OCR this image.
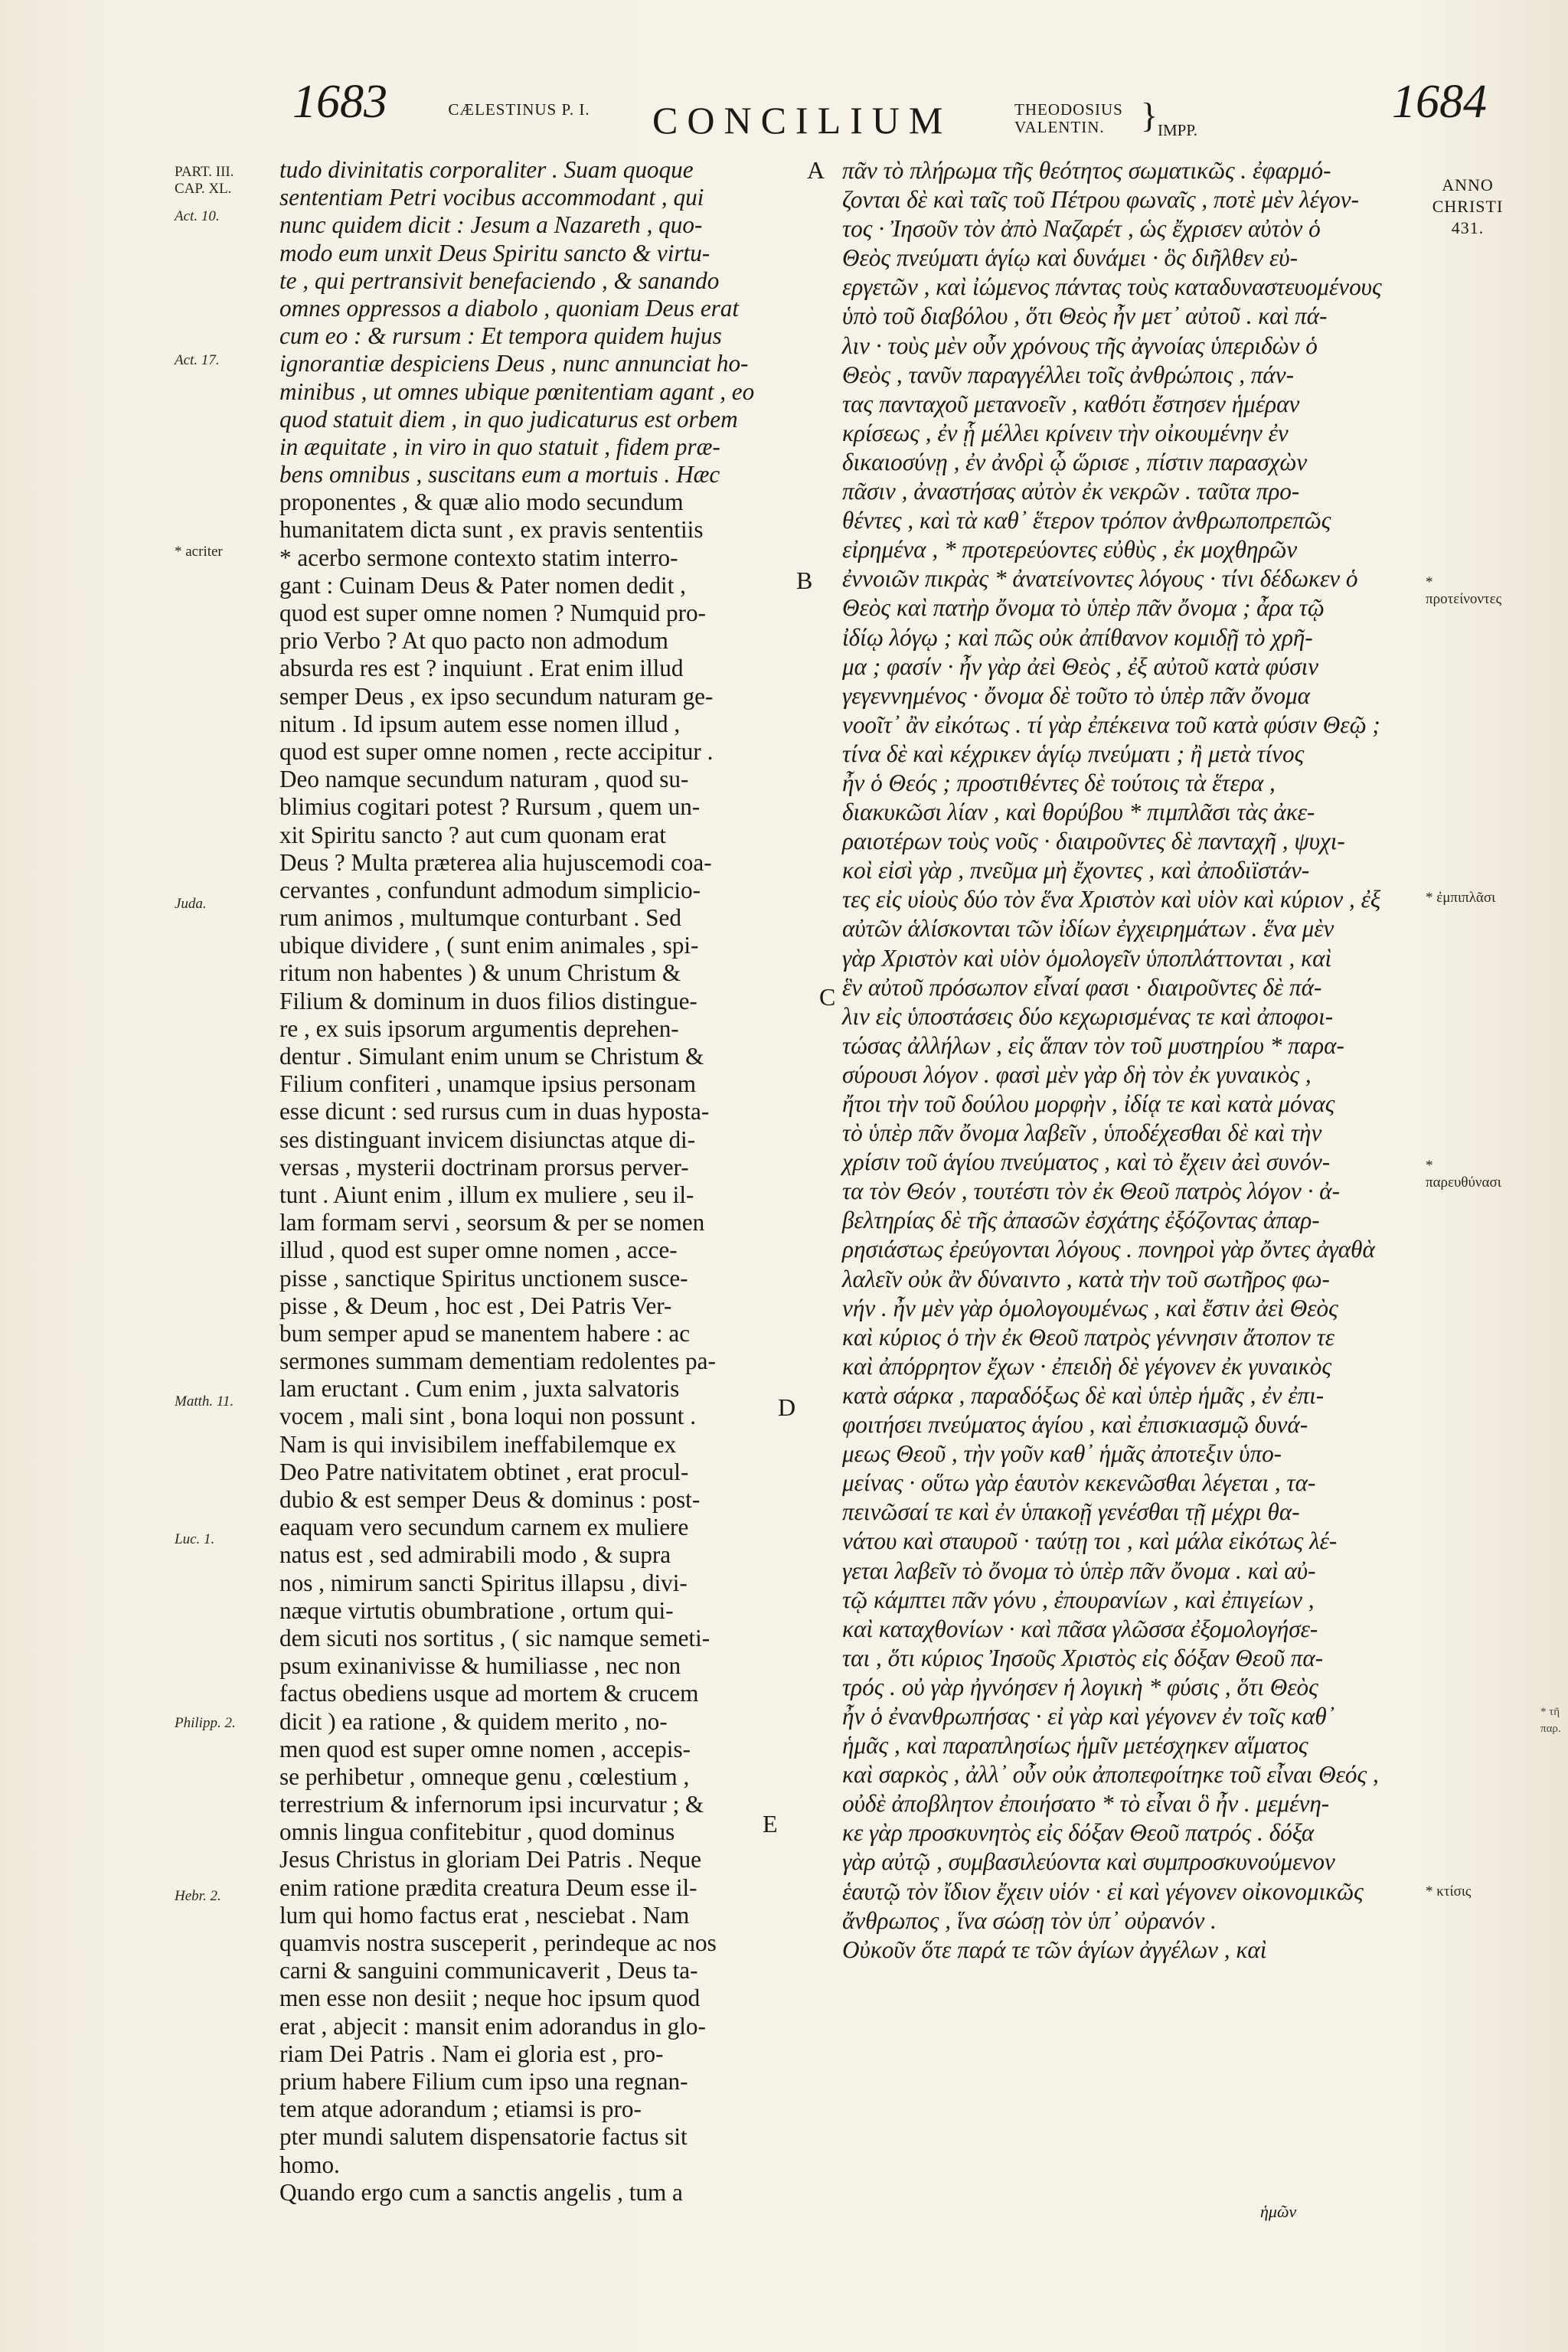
1683	CÆLESTINUS P. I. CONCILIUM	THEODOSIUS VALENTIN.	} IMPP.
1684
ANNO CHRISTI 431.
PART. III. CAP. XL.
Act. 10.
Act. 17.
* acriter
Juda.
Matth. 11.
Luc. 1.
Philipp. 2.
Hebr. 2.
A
B
C
D
E
* προτείνοντες
* ἐμπιπλᾶσι
* παρευθύνασι
* κτίσις
* τῆ παρ.
tudo divinitatis corporaliter . Suam quoque
sententiam Petri vocibus accommodant , qui
nunc quidem dicit : Jesum a Nazareth , quo-
modo eum unxit Deus Spiritu sancto & virtu-
te , qui pertransivit benefaciendo , & sanando
omnes oppressos a diabolo , quoniam Deus erat
cum eo : & rursum : Et tempora quidem hujus
ignorantiæ despiciens Deus , nunc annunciat ho-
minibus , ut omnes ubique pœnitentiam agant , eo
quod statuit diem , in quo judicaturus est orbem
in æquitate , in viro in quo statuit , fidem præ-
bens omnibus , suscitans eum a mortuis . Hæc
proponentes , & quæ alio modo secundum
humanitatem dicta sunt , ex pravis sententiis
* acerbo sermone contexto statim interro-
gant : Cuinam Deus & Pater nomen dedit ,
quod est super omne nomen ? Numquid pro-
prio Verbo ? At quo pacto non admodum
absurda res est ? inquiunt . Erat enim illud
semper Deus , ex ipso secundum naturam ge-
nitum . Id ipsum autem esse nomen illud ,
quod est super omne nomen , recte accipitur .
Deo namque secundum naturam , quod su-
blimius cogitari potest ? Rursum , quem un-
xit Spiritu sancto ? aut cum quonam erat
Deus ? Multa præterea alia hujuscemodi coa-
cervantes , confundunt admodum simplicio-
rum animos , multumque conturbant . Sed
ubique dividere , ( sunt enim animales , spi-
ritum non habentes ) & unum Christum &
Filium & dominum in duos filios distingue-
re , ex suis ipsorum argumentis deprehen-
dentur . Simulant enim unum se Christum &
Filium confiteri , unamque ipsius personam
esse dicunt : sed rursus cum in duas hyposta-
ses distinguant invicem disiunctas atque di-
versas , mysterii doctrinam prorsus perver-
tunt . Aiunt enim , illum ex muliere , seu il-
lam formam servi , seorsum & per se nomen
illud , quod est super omne nomen , acce-
pisse , sanctique Spiritus unctionem susce-
pisse , & Deum , hoc est , Dei Patris Ver-
bum semper apud se manentem habere : ac
sermones summam dementiam redolentes pa-
lam eructant . Cum enim , juxta salvatoris
vocem , mali sint , bona loqui non possunt .
Nam is qui invisibilem ineffabilemque ex
Deo Patre nativitatem obtinet , erat procul-
dubio & est semper Deus & dominus : post-
eaquam vero secundum carnem ex muliere
natus est , sed admirabili modo , & supra
nos , nimirum sancti Spiritus illapsu , divi-
næque virtutis obumbratione , ortum qui-
dem sicuti nos sortitus , ( sic namque semeti-
psum exinanivisse & humiliasse , nec non
factus obediens usque ad mortem & crucem
dicit ) ea ratione , & quidem merito , no-
men quod est super omne nomen , accepis-
se perhibetur , omneque genu , cœlestium ,
terrestrium & infernorum ipsi incurvatur ; &
omnis lingua confitebitur , quod dominus
Jesus Christus in gloriam Dei Patris . Neque
enim ratione prædita creatura Deum esse il-
lum qui homo factus erat , nesciebat . Nam
quamvis nostra susceperit , perindeque ac nos
carni & sanguini communicaverit , Deus ta-
men esse non desiit ; neque hoc ipsum quod
erat , abjecit : mansit enim adorandus in glo-
riam Dei Patris . Nam ei gloria est , pro-
prium habere Filium cum ipso una regnan-
tem atque adorandum ; etiamsi is pro-
pter mundi salutem dispensatorie factus sit
homo.
Quando ergo cum a sanctis angelis , tum a
πᾶν τὸ πλήρωμα τῆς θεότητος σωματικῶς . ἐφαρμό-
ζονται δὲ καὶ ταῖς τοῦ Πέτρου φωναῖς , ποτὲ μὲν λέγον-
τος · Ἰησοῦν τὸν ἀπὸ Ναζαρέτ , ὡς ἔχρισεν αὐτὸν ὁ
Θεὸς πνεύματι ἁγίῳ καὶ δυνάμει · ὃς διῆλθεν εὐ-
εργετῶν , καὶ ἰώμενος πάντας τοὺς καταδυναστευομένους
ὑπὸ τοῦ διαβόλου , ὅτι Θεὸς ἦν μετ᾽ αὐτοῦ . καὶ πά-
λιν · τοὺς μὲν οὖν χρόνους τῆς ἀγνοίας ὑπεριδὼν ὁ
Θεὸς , τανῦν παραγγέλλει τοῖς ἀνθρώποις , πάν-
τας πανταχοῦ μετανοεῖν , καθότι ἔστησεν ἡμέραν
κρίσεως , ἐν ᾗ μέλλει κρίνειν τὴν οἰκουμένην ἐν
δικαιοσύνῃ , ἐν ἀνδρὶ ᾧ ὥρισε , πίστιν παρασχὼν
πᾶσιν , ἀναστήσας αὐτὸν ἐκ νεκρῶν . ταῦτα προ-
θέντες , καὶ τὰ καθ᾽ ἕτερον τρόπον ἀνθρωποπρεπῶς
εἰρημένα , * προτερεύοντες εὐθὺς , ἐκ μοχθηρῶν
ἐννοιῶν πικρὰς * ἀνατείνοντες λόγους · τίνι δέδωκεν ὁ
Θεὸς καὶ πατὴρ ὄνομα τὸ ὑπὲρ πᾶν ὄνομα ; ἆρα τῷ
ἰδίῳ λόγῳ ; καὶ πῶς οὐκ ἀπίθανον κομιδῇ τὸ χρῆ-
μα ; φασίν · ἦν γὰρ ἀεὶ Θεὸς , ἐξ αὐτοῦ κατὰ φύσιν
γεγεννημένος · ὄνομα δὲ τοῦτο τὸ ὑπὲρ πᾶν ὄνομα
νοοῖτ᾽ ἂν εἰκότως . τί γὰρ ἐπέκεινα τοῦ κατὰ φύσιν Θεῷ ;
τίνα δὲ καὶ κέχρικεν ἁγίῳ πνεύματι ; ἢ μετὰ τίνος
ἦν ὁ Θεός ; προστιθέντες δὲ τούτοις τὰ ἕτερα ,
διακυκῶσι λίαν , καὶ θορύβου * πιμπλᾶσι τὰς ἀκε-
ραιοτέρων τοὺς νοῦς · διαιροῦντες δὲ πανταχῆ , ψυχι-
κοὶ εἰσὶ γὰρ , πνεῦμα μὴ ἔχοντες , καὶ ἀποδιϊστάν-
τες εἰς υἱοὺς δύο τὸν ἕνα Χριστὸν καὶ υἱὸν καὶ κύριον , ἐξ
αὐτῶν ἁλίσκονται τῶν ἰδίων ἐγχειρημάτων . ἕνα μὲν
γὰρ Χριστὸν καὶ υἱὸν ὁμολογεῖν ὑποπλάττονται , καὶ
ἓν αὐτοῦ πρόσωπον εἶναί φασι · διαιροῦντες δὲ πά-
λιν εἰς ὑποστάσεις δύο κεχωρισμένας τε καὶ ἀποφοι-
τώσας ἀλλήλων , εἰς ἅπαν τὸν τοῦ μυστηρίου * παρα-
σύρουσι λόγον . φασὶ μὲν γὰρ δὴ τὸν ἐκ γυναικὸς ,
ἤτοι τὴν τοῦ δούλου μορφὴν , ἰδίᾳ τε καὶ κατὰ μόνας
τὸ ὑπὲρ πᾶν ὄνομα λαβεῖν , ὑποδέχεσθαι δὲ καὶ τὴν
χρίσιν τοῦ ἁγίου πνεύματος , καὶ τὸ ἔχειν ἀεὶ συνόν-
τα τὸν Θεόν , τουτέστι τὸν ἐκ Θεοῦ πατρὸς λόγον · ἀ-
βελτηρίας δὲ τῆς ἀπασῶν ἐσχάτης ἐξόζοντας ἀπαρ-
ρησιάστως ἐρεύγονται λόγους . πονηροὶ γὰρ ὄντες ἀγαθὰ
λαλεῖν οὐκ ἂν δύναιντο , κατὰ τὴν τοῦ σωτῆρος φω-
νήν . ἦν μὲν γὰρ ὁμολογουμένως , καὶ ἔστιν ἀεὶ Θεὸς
καὶ κύριος ὁ τὴν ἐκ Θεοῦ πατρὸς γέννησιν ἄτοπον τε
καὶ ἀπόρρητον ἔχων · ἐπειδὴ δὲ γέγονεν ἐκ γυναικὸς
κατὰ σάρκα , παραδόξως δὲ καὶ ὑπὲρ ἡμᾶς , ἐν ἐπι-
φοιτήσει πνεύματος ἁγίου , καὶ ἐπισκιασμῷ δυνά-
μεως Θεοῦ , τὴν γοῦν καθ᾽ ἡμᾶς ἀποτεξιν ὑπο-
μείνας · οὕτω γὰρ ἑαυτὸν κεκενῶσθαι λέγεται , τα-
πεινῶσαί τε καὶ ἐν ὑπακοῇ γενέσθαι τῇ μέχρι θα-
νάτου καὶ σταυροῦ · ταύτῃ τοι , καὶ μάλα εἰκότως λέ-
γεται λαβεῖν τὸ ὄνομα τὸ ὑπὲρ πᾶν ὄνομα . καὶ αὐ-
τῷ κάμπτει πᾶν γόνυ , ἐπουρανίων , καὶ ἐπιγείων ,
καὶ καταχθονίων · καὶ πᾶσα γλῶσσα ἐξομολογήσε-
ται , ὅτι κύριος Ἰησοῦς Χριστὸς εἰς δόξαν Θεοῦ πα-
τρός . οὐ γὰρ ἠγνόησεν ἡ λογικὴ * φύσις , ὅτι Θεὸς
ἦν ὁ ἐνανθρωπήσας · εἰ γὰρ καὶ γέγονεν ἐν τοῖς καθ᾽
ἡμᾶς , καὶ παραπλησίως ἡμῖν μετέσχηκεν αἵματος
καὶ σαρκὸς , ἀλλ᾽ οὖν οὐκ ἀποπεφοίτηκε τοῦ εἶναι Θεός ,
οὐδὲ ἀποβλητον ἐποιήσατο * τὸ εἶναι ὃ ἦν . μεμένη-
κε γὰρ προσκυνητὸς εἰς δόξαν Θεοῦ πατρός . δόξα
γὰρ αὐτῷ , συμβασιλεύοντα καὶ συμπροσκυνούμενον
ἑαυτῷ τὸν ἴδιον ἔχειν υἱόν · εἰ καὶ γέγονεν οἰκονομικῶς
ἄνθρωπος , ἵνα σώσῃ τὸν ὑπ᾽ οὐρανόν .
Οὐκοῦν ὅτε παρά τε τῶν ἁγίων ἀγγέλων , καὶ
ἡμῶν
